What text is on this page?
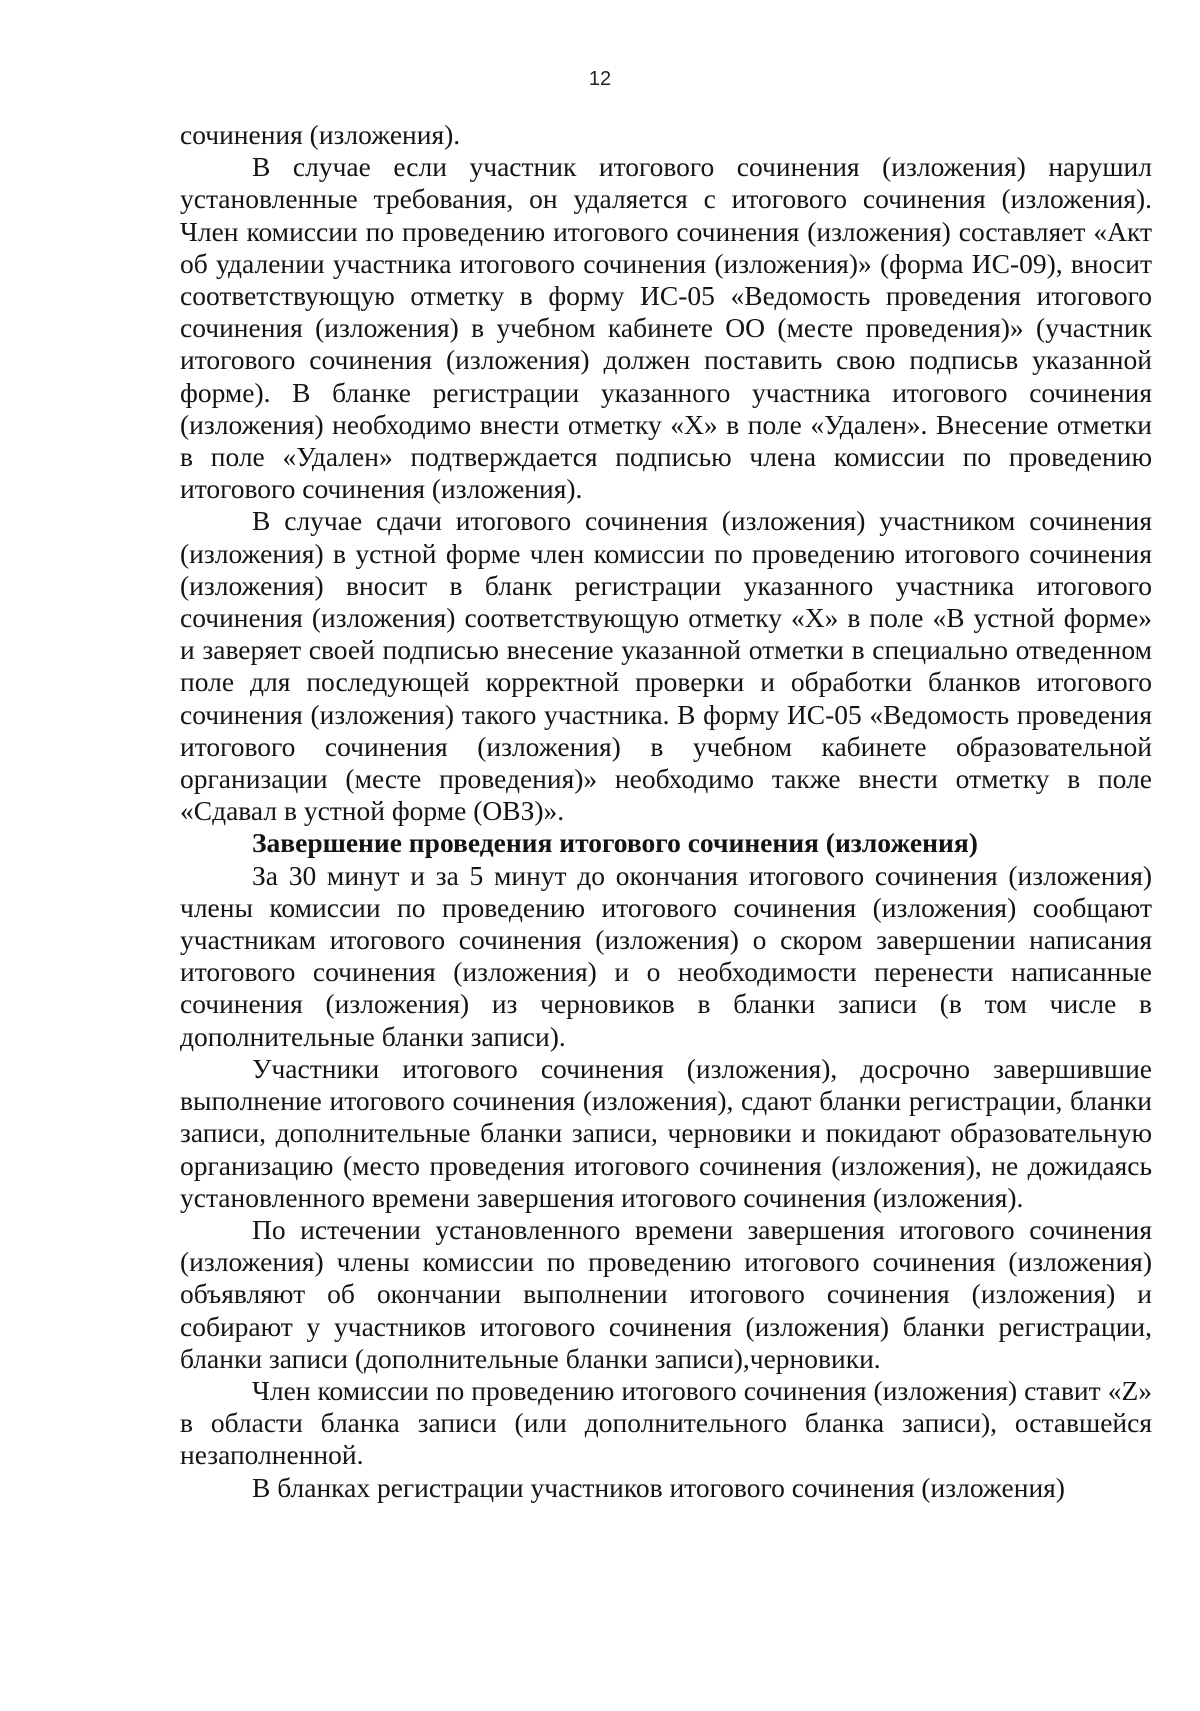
12

сочинения (изложения).

В случае если участник итогового сочинения (изложения) нарушил установленные требования, он удаляется с итогового сочинения (изложения). Член комиссии по проведению итогового сочинения (изложения) составляет «Акт об удалении участника итогового сочинения (изложения)» (форма ИС-09), вносит соответствующую отметку в форму ИС-05 «Ведомость проведения итогового сочинения (изложения) в учебном кабинете ОО (месте проведения)» (участник итогового сочинения (изложения) должен поставить свою подписьв указанной форме). В бланке регистрации указанного участника итогового сочинения (изложения) необходимо внести отметку «X» в поле «Удален». Внесение отметки в поле «Удален» подтверждается подписью члена комиссии по проведению итогового сочинения (изложения).

В случае сдачи итогового сочинения (изложения) участником сочинения (изложения) в устной форме член комиссии по проведению итогового сочинения (изложения) вносит в бланк регистрации указанного участника итогового сочинения (изложения) соответствующую отметку «X» в поле «В устной форме» и заверяет своей подписью внесение указанной отметки в специально отведенном поле для последующей корректной проверки и обработки бланков итогового сочинения (изложения) такого участника. В форму ИС-05 «Ведомость проведения итогового сочинения (изложения) в учебном кабинете образовательной организации (месте проведения)» необходимо также внести отметку в поле «Сдавал в устной форме (ОВЗ)».

Завершение проведения итогового сочинения (изложения)

За 30 минут и за 5 минут до окончания итогового сочинения (изложения) члены комиссии по проведению итогового сочинения (изложения) сообщают участникам итогового сочинения (изложения) о скором завершении написания итогового сочинения (изложения) и о необходимости перенести написанные сочинения (изложения) из черновиков в бланки записи (в том числе в дополнительные бланки записи).

Участники итогового сочинения (изложения), досрочно завершившие выполнение итогового сочинения (изложения), сдают бланки регистрации, бланки записи, дополнительные бланки записи, черновики и покидают образовательную организацию (место проведения итогового сочинения (изложения), не дожидаясь установленного времени завершения итогового сочинения (изложения).

По истечении установленного времени завершения итогового сочинения (изложения) члены комиссии по проведению итогового сочинения (изложения) объявляют об окончании выполнении итогового сочинения (изложения) и собирают у участников итогового сочинения (изложения) бланки регистрации, бланки записи (дополнительные бланки записи),черновики.

Член комиссии по проведению итогового сочинения (изложения) ставит «Z» в области бланка записи (или дополнительного бланка записи), оставшейся незаполненной.

В бланках регистрации участников итогового сочинения (изложения)
